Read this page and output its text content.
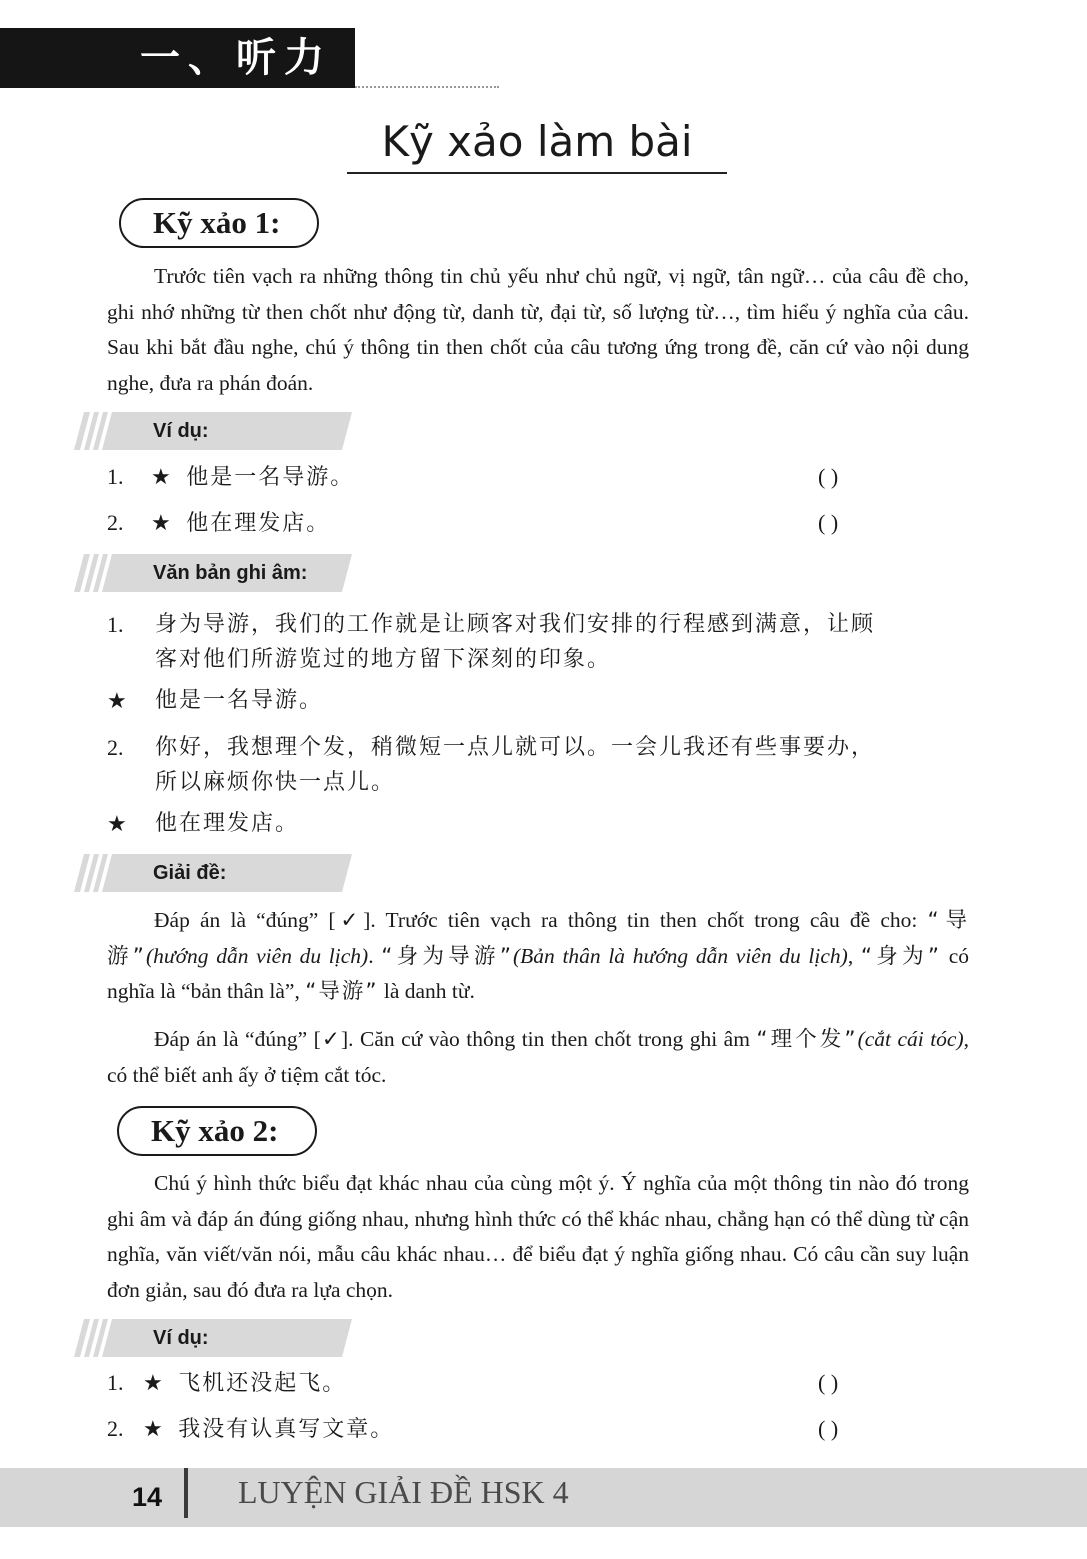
一、听力
Kỹ xảo làm bài
Kỹ xảo 1:
Trước tiên vạch ra những thông tin chủ yếu như chủ ngữ, vị ngữ, tân ngữ… của câu đề cho, ghi nhớ những từ then chốt như động từ, danh từ, đại từ, số lượng từ…, tìm hiểu ý nghĩa của câu. Sau khi bắt đầu nghe, chú ý thông tin then chốt của câu tương ứng trong đề, căn cứ vào nội dung nghe, đưa ra phán đoán.
Ví dụ:
1. ★ 他是一名导游。	( )
2. ★ 他在理发店。	( )
Văn bản ghi âm:
1. 身为导游，我们的工作就是让顾客对我们安排的行程感到满意，让顾
客对他们所游览过的地方留下深刻的印象。
★ 他是一名导游。
2. 你好，我想理个发，稍微短一点儿就可以。一会儿我还有些事要办，
所以麻烦你快一点儿。
★ 他在理发店。
Giải đề:
Đáp án là “đúng” [✓]. Trước tiên vạch ra thông tin then chốt trong câu đề cho: “导游”(hướng dẫn viên du lịch). “身为导游”(Bản thân là hướng dẫn viên du lịch), “身为” có nghĩa là “bản thân là”, “导游” là danh từ.
Đáp án là “đúng” [✓]. Căn cứ vào thông tin then chốt trong ghi âm “理个发”(cắt cái tóc), có thể biết anh ấy ở tiệm cắt tóc.
Kỹ xảo 2:
Chú ý hình thức biểu đạt khác nhau của cùng một ý. Ý nghĩa của một thông tin nào đó trong ghi âm và đáp án đúng giống nhau, nhưng hình thức có thể khác nhau, chẳng hạn có thể dùng từ cận nghĩa, văn viết/văn nói, mẫu câu khác nhau… để biểu đạt ý nghĩa giống nhau. Có câu cần suy luận đơn giản, sau đó đưa ra lựa chọn.
Ví dụ:
1. ★ 飞机还没起飞。	( )
2. ★ 我没有认真写文章。	( )
14 LUYỆN GIẢI ĐỀ HSK 4
